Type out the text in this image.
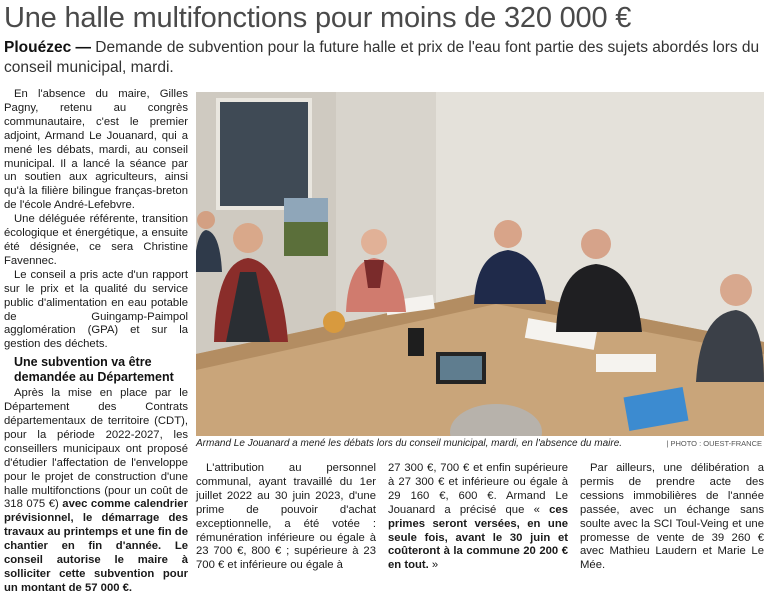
Une halle multifonctions pour moins de 320 000 €
Plouézec — Demande de subvention pour la future halle et prix de l'eau font partie des sujets abordés lors du conseil municipal, mardi.

En l'absence du maire, Gilles Pagny, retenu au congrès communautaire, c'est le premier adjoint, Armand Le Jouanard, qui a mené les débats, mardi, au conseil municipal. Il a lancé la séance par un soutien aux agriculteurs, ainsi qu'à la filière bilingue franças-breton de l'école André-Lefebvre.

Une déléguée référente, transition écologique et énergétique, a ensuite été désignée, ce sera Christine Favennec.

Le conseil a pris acte d'un rapport sur le prix et la qualité du service public d'alimentation en eau potable de Guingamp-Paimpol agglomération (GPA) et sur la gestion des déchets.

Une subvention va être demandée au Département

Après la mise en place par le Département des Contrats départementaux de territoire (CDT), pour la période 2022-2027, les conseillers municipaux ont proposé d'étudier l'affectation de l'enveloppe pour le projet de construction d'une halle multifonctions (pour un coût de 318 075 €) avec comme calendrier prévisionnel, le démarrage des travaux au printemps et une fin de chantier en fin d'année. Le conseil autorise le maire à solliciter cette subvention pour un montant de 57 000 €.

Armand Le Jouanard a mené les débats lors du conseil municipal, mardi, en l'absence du maire.	| PHOTO : OUEST-FRANCE

L'attribution au personnel communal, ayant travaillé du 1er juillet 2022 au 30 juin 2023, d'une prime de pouvoir d'achat exceptionnelle, a été votée : rémunération inférieure ou égale à 23 700 €, 800 € ; supérieure à 23 700 € et inférieure ou égale à

27 300 €, 700 € et enfin supérieure à 27 300 € et inférieure ou égale à 29 160 €, 600 €. Armand Le Jouanard a précisé que « ces primes seront versées, en une seule fois, avant le 30 juin et coûteront à la commune 20 200 € en tout. »

Par ailleurs, une délibération a permis de prendre acte des cessions immobilières de l'année passée, avec un échange sans soulte avec la SCI Toul-Veing et une promesse de vente de 39 260 € avec Mathieu Laudern et Marie Le Mée.
